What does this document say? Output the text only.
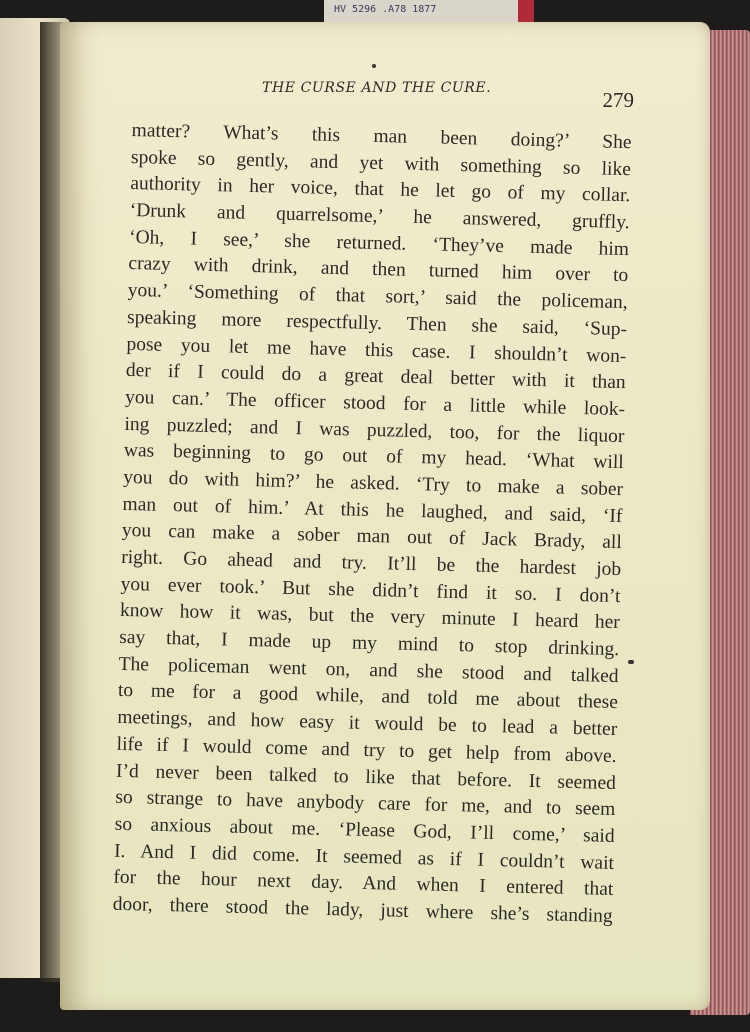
HV 5296 .A78 1877
THE CURSE AND THE CURE.	279
matter? What’s this man been doing?’ She
spoke so gently, and yet with something so like
authority in her voice, that he let go of my collar.
‘Drunk and quarrelsome,’ he answered, gruffly.
‘Oh, I see,’ she returned. ‘They’ve made him
crazy with drink, and then turned him over to
you.’ ‘Something of that sort,’ said the policeman,
speaking more respectfully. Then she said, ‘Sup-
pose you let me have this case. I shouldn’t won-
der if I could do a great deal better with it than
you can.’ The officer stood for a little while look-
ing puzzled; and I was puzzled, too, for the liquor
was beginning to go out of my head. ‘What will
you do with him?’ he asked. ‘Try to make a sober
man out of him.’ At this he laughed, and said, ‘If
you can make a sober man out of Jack Brady, all
right. Go ahead and try. It’ll be the hardest job
you ever took.’ But she didn’t find it so. I don’t
know how it was, but the very minute I heard her
say that, I made up my mind to stop drinking.
The policeman went on, and she stood and talked
to me for a good while, and told me about these
meetings, and how easy it would be to lead a better
life if I would come and try to get help from above.
I’d never been talked to like that before. It seemed
so strange to have anybody care for me, and to seem
so anxious about me. ‘Please God, I’ll come,’ said
I. And I did come. It seemed as if I couldn’t wait
for the hour next day. And when I entered that
door, there stood the lady, just where she’s standing
